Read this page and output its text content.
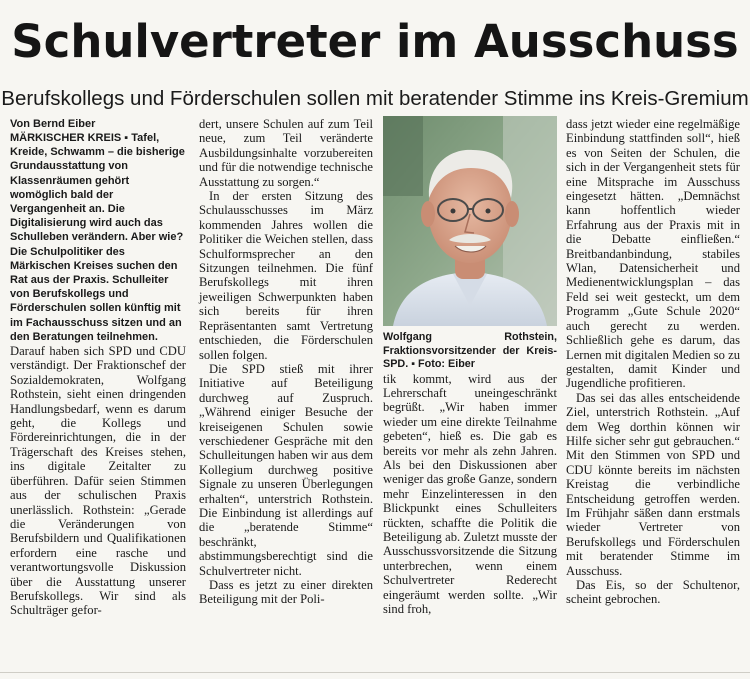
Schulvertreter im Ausschuss
Berufskollegs und Förderschulen sollen mit beratender Stimme ins Kreis-Gremium

Von Bernd Eiber

MÄRKISCHER KREIS ▪ Tafel, Kreide, Schwamm – die bisherige Grundausstattung von Klassenräumen gehört womöglich bald der Vergangenheit an. Die Digitalisierung wird auch das Schulleben verändern. Aber wie? Die Schulpolitiker des Märkischen Kreises suchen den Rat aus der Praxis. Schulleiter von Berufskollegs und Förderschulen sollen künftig mit im Fachausschuss sitzen und an den Beratungen teilnehmen.

Darauf haben sich SPD und CDU verständigt. Der Fraktionschef der Sozialdemokraten, Wolfgang Rothstein, sieht einen dringenden Handlungsbedarf, wenn es darum geht, die Kollegs und Fördereinrichtungen, die in der Trägerschaft des Kreises stehen, ins digitale Zeitalter zu überführen. Dafür seien Stimmen aus der schulischen Praxis unerlässlich. Rothstein: „Gerade die Veränderungen von Berufsbildern und Qualifikationen erfordern eine rasche und verantwortungsvolle Diskussion über die Ausstattung unserer Berufskollegs. Wir sind als Schulträger gefor-

dert, unsere Schulen auf zum Teil neue, zum Teil veränderte Ausbildungsinhalte vorzubereiten und für die notwendige technische Ausstattung zu sorgen.“

In der ersten Sitzung des Schulausschusses im März kommenden Jahres wollen die Politiker die Weichen stellen, dass Schulformsprecher an den Sitzungen teilnehmen. Die fünf Berufskollegs mit ihren jeweiligen Schwerpunkten haben sich bereits für ihren Repräsentanten samt Vertretung entschieden, die Förderschulen sollen folgen.

Die SPD stieß mit ihrer Initiative auf Beteiligung durchweg auf Zuspruch. „Während einiger Besuche der kreiseigenen Schulen sowie verschiedener Gespräche mit den Schulleitungen haben wir aus dem Kollegium durchweg positive Signale zu unseren Überlegungen erhalten“, unterstrich Rothstein. Die Einbindung ist allerdings auf die „beratende Stimme“ beschränkt, abstimmungsberechtigt sind die Schulvertreter nicht.

Dass es jetzt zu einer direkten Beteiligung mit der Poli-

Wolfgang Rothstein, Fraktionsvorsitzender der Kreis-SPD. ▪ Foto: Eiber

tik kommt, wird aus der Lehrerschaft uneingeschränkt begrüßt. „Wir haben immer wieder um eine direkte Teilnahme gebeten“, hieß es. Die gab es bereits vor mehr als zehn Jahren. Als bei den Diskussionen aber weniger das große Ganze, sondern mehr Einzelinteressen in den Blickpunkt eines Schulleiters rückten, schaffte die Politik die Beteiligung ab. Zuletzt musste der Ausschussvorsitzende die Sitzung unterbrechen, wenn einem Schulvertreter Rederecht eingeräumt werden sollte. „Wir sind froh,

dass jetzt wieder eine regelmäßige Einbindung stattfinden soll“, hieß es von Seiten der Schulen, die sich in der Vergangenheit stets für eine Mitsprache im Ausschuss eingesetzt hätten. „Demnächst kann hoffentlich wieder Erfahrung aus der Praxis mit in die Debatte einfließen.“ Breitbandanbindung, stabiles Wlan, Datensicherheit und Medienentwicklungsplan – das Feld sei weit gesteckt, um dem Programm „Gute Schule 2020“ auch gerecht zu werden. Schließlich gehe es darum, das Lernen mit digitalen Medien so zu gestalten, damit Kinder und Jugendliche profitieren.

Das sei das alles entscheidende Ziel, unterstrich Rothstein. „Auf dem Weg dorthin können wir Hilfe sicher sehr gut gebrauchen.“ Mit den Stimmen von SPD und CDU könnte bereits im nächsten Kreistag die verbindliche Entscheidung getroffen werden. Im Frühjahr säßen dann erstmals wieder Vertreter von Berufskollegs und Förderschulen mit beratender Stimme im Ausschuss.

Das Eis, so der Schultenor, scheint gebrochen.
